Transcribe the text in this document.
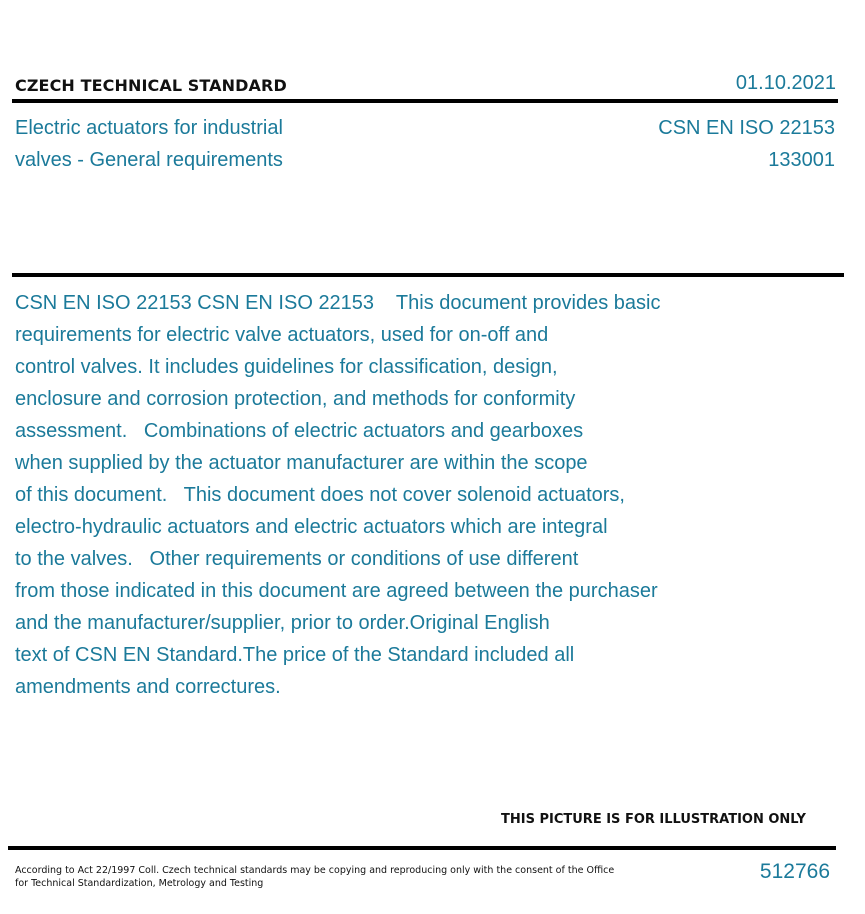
CZECH TECHNICAL STANDARD	01.10.2021
Electric actuators for industrial
valves - General requirements
CSN EN ISO 22153
133001
CSN EN ISO 22153 CSN EN ISO 22153    This document provides basic
requirements for electric valve actuators, used for on-off and
control valves. It includes guidelines for classification, design,
enclosure and corrosion protection, and methods for conformity
assessment.   Combinations of electric actuators and gearboxes
when supplied by the actuator manufacturer are within the scope
of this document.   This document does not cover solenoid actuators,
electro-hydraulic actuators and electric actuators which are integral
to the valves.   Other requirements or conditions of use different
from those indicated in this document are agreed between the purchaser
and the manufacturer/supplier, prior to order.Original English
text of CSN EN Standard.The price of the Standard included all
amendments and correctures.
THIS PICTURE IS FOR ILLUSTRATION ONLY
According to Act 22/1997 Coll. Czech technical standards may be copying and reproducing only with the consent of the Office
for Technical Standardization, Metrology and Testing
512766
